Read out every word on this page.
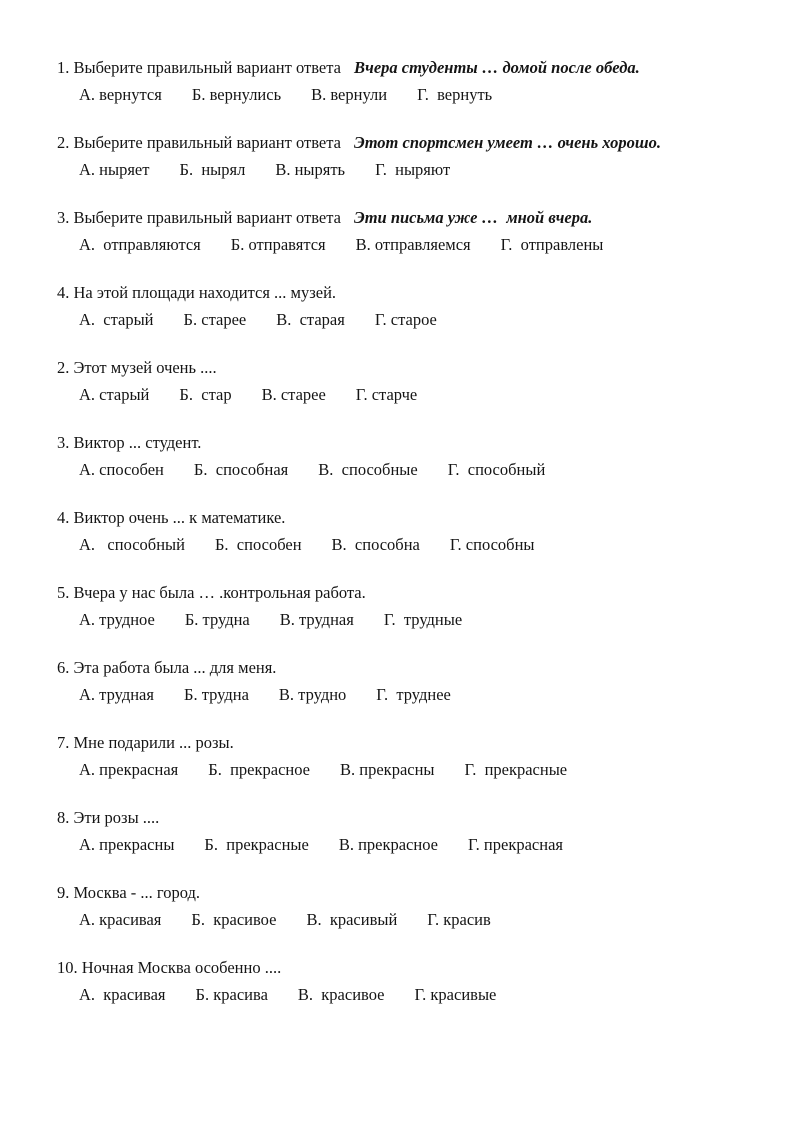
1. Выберите правильный вариант ответа Вчера студенты … домой после обеда.

А. вернутся Б. вернулись В. вернули Г.  вернуть

2. Выберите правильный вариант ответа Этот спортсмен умеет … очень хорошо.

А. ныряет Б.  нырял В. нырять Г.  ныряют

3. Выберите правильный вариант ответа Эти письма уже …  мной вчера.

А.  отправляются Б. отправятся В. отправляемся Г.  отправлены

4. На этой площади находится ... музей.

А.  старый Б. старее В.  старая Г. старое

2. Этот музей очень ....

А. старый Б.  стар В. старее Г. старче

3. Виктор ... студент.

А. способен Б.  способная В.  способные Г.  способный

4. Виктор очень ... к математике.

А.   способный Б.  способен В.  способна Г. способны

5. Вчера у нас была … .контрольная работа.

А. трудное Б. трудна В. трудная Г.  трудные

6. Эта работа была ... для меня.

А. трудная Б. трудна В. трудно Г.  труднее

7. Мне подарили ... розы.

А. прекрасная Б.  прекрасное В. прекрасны Г.  прекрасные

8. Эти розы ....

А. прекрасны Б.  прекрасные В. прекрасное Г. прекрасная

9. Москва - ... город.

А. красивая Б.  красивое В.  красивый Г. красив

10. Ночная Москва особенно ....

А.  красивая Б. красива В.  красивое Г. красивые
